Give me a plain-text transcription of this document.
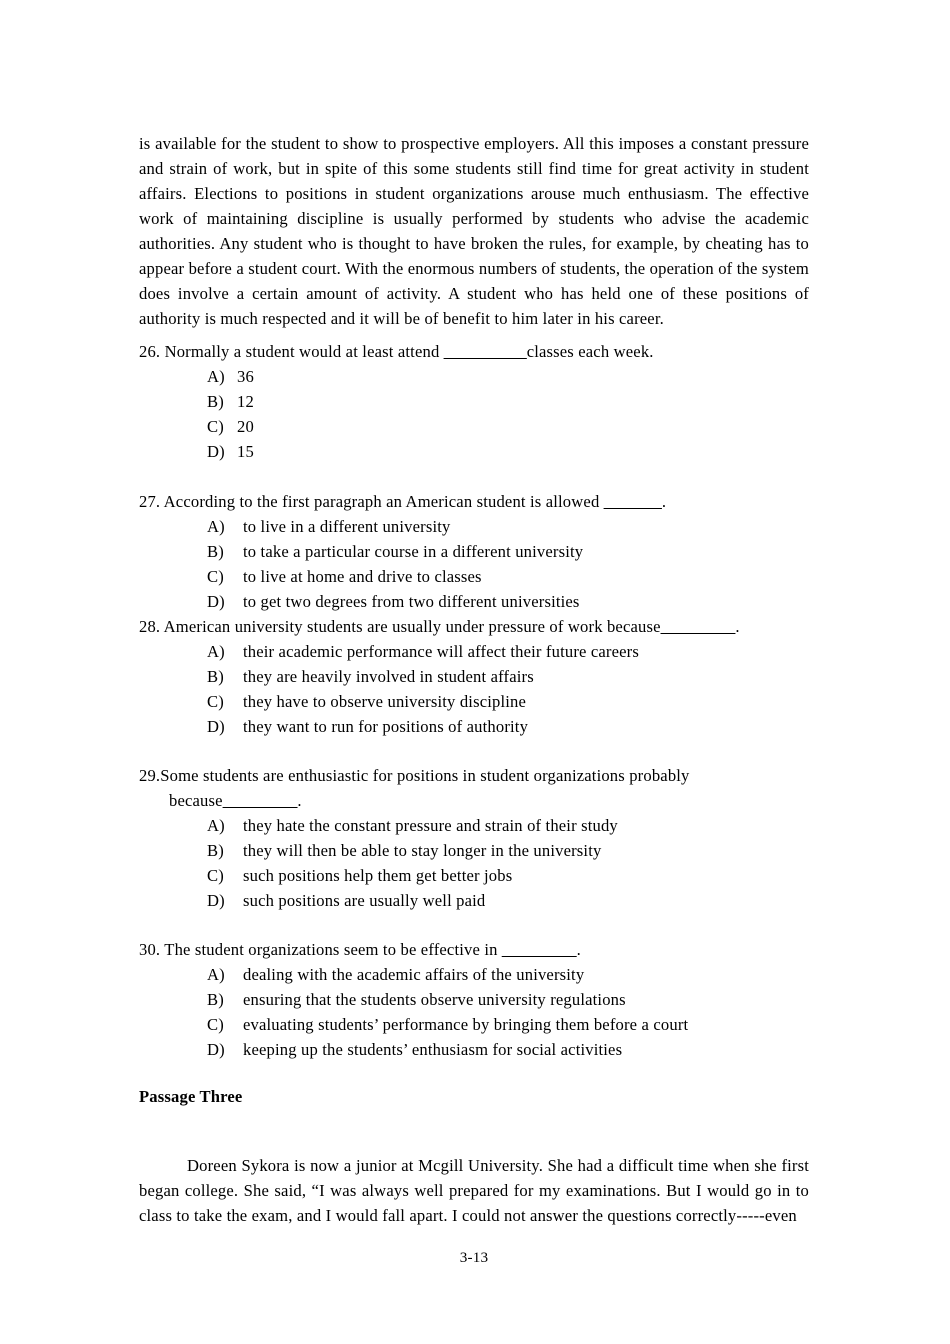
is available for the student to show to prospective employers. All this imposes a constant pressure and strain of work, but in spite of this some students still find time for great activity in student affairs. Elections to positions in student organizations arouse much enthusiasm. The effective work of maintaining discipline is usually performed by students who advise the academic authorities. Any student who is thought to have broken the rules, for example, by cheating has to appear before a student court. With the enormous numbers of students, the operation of the system does involve a certain amount of activity. A student who has held one of these positions of authority is much respected and it will be of benefit to him later in his career.

26. Normally a student would at least attend __________classes each week.
A) 36
B) 12
C) 20
D) 15
27. According to the first paragraph an American student is allowed _______.
A) to live in a different university
B) to take a particular course in a different university
C) to live at home and drive to classes
D) to get two degrees from two different universities
28. American university students are usually under pressure of work because_________.
A) their academic performance will affect their future careers
B) they are heavily involved in student affairs
C) they have to observe university discipline
D) they want to run for positions of authority
29.Some students are enthusiastic for positions in student organizations probably
because_________.
A) they hate the constant pressure and strain of their study
B) they will then be able to stay longer in the university
C) such positions help them get better jobs
D) such positions are usually well paid
30. The student organizations seem to be effective in _________.
A) dealing with the academic affairs of the university
B) ensuring that the students observe university regulations
C) evaluating students’ performance by bringing them before a court
D) keeping up the students’ enthusiasm for social activities
Passage Three

Doreen Sykora is now a junior at Mcgill University. She had a difficult time when she first began college. She said, “I was always well prepared for my examinations. But I would go in to class to take the exam, and I would fall apart. I could not answer the questions correctly-----even

3-13
